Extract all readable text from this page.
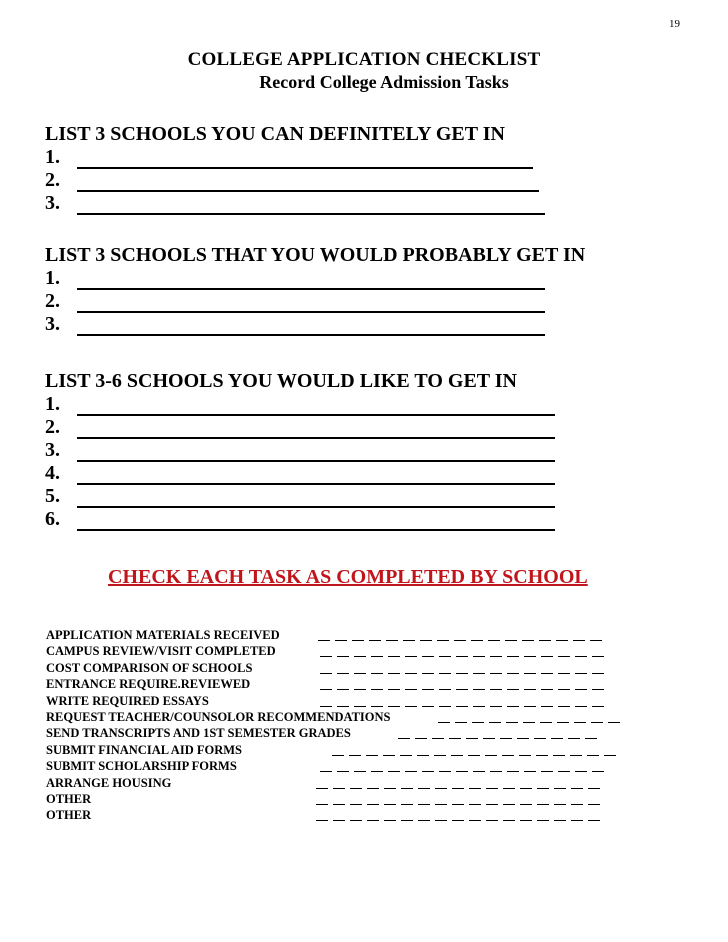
19
COLLEGE APPLICATION CHECKLIST
Record College Admission Tasks
LIST 3 SCHOOLS YOU CAN DEFINITELY GET IN
1.
2.
3.
LIST 3 SCHOOLS THAT YOU WOULD PROBABLY GET IN
1.
2.
3.
LIST 3-6 SCHOOLS YOU WOULD LIKE TO GET IN
1.
2.
3.
4.
5.
6.
CHECK EACH TASK AS COMPLETED BY SCHOOL
APPLICATION MATERIALS RECEIVED
CAMPUS REVIEW/VISIT COMPLETED
COST COMPARISON OF SCHOOLS
ENTRANCE REQUIRE.REVIEWED
WRITE REQUIRED ESSAYS
REQUEST TEACHER/COUNSOLOR RECOMMENDATIONS
SEND TRANSCRIPTS AND 1ST SEMESTER GRADES
SUBMIT FINANCIAL AID FORMS
SUBMIT SCHOLARSHIP FORMS
ARRANGE HOUSING
OTHER
OTHER
